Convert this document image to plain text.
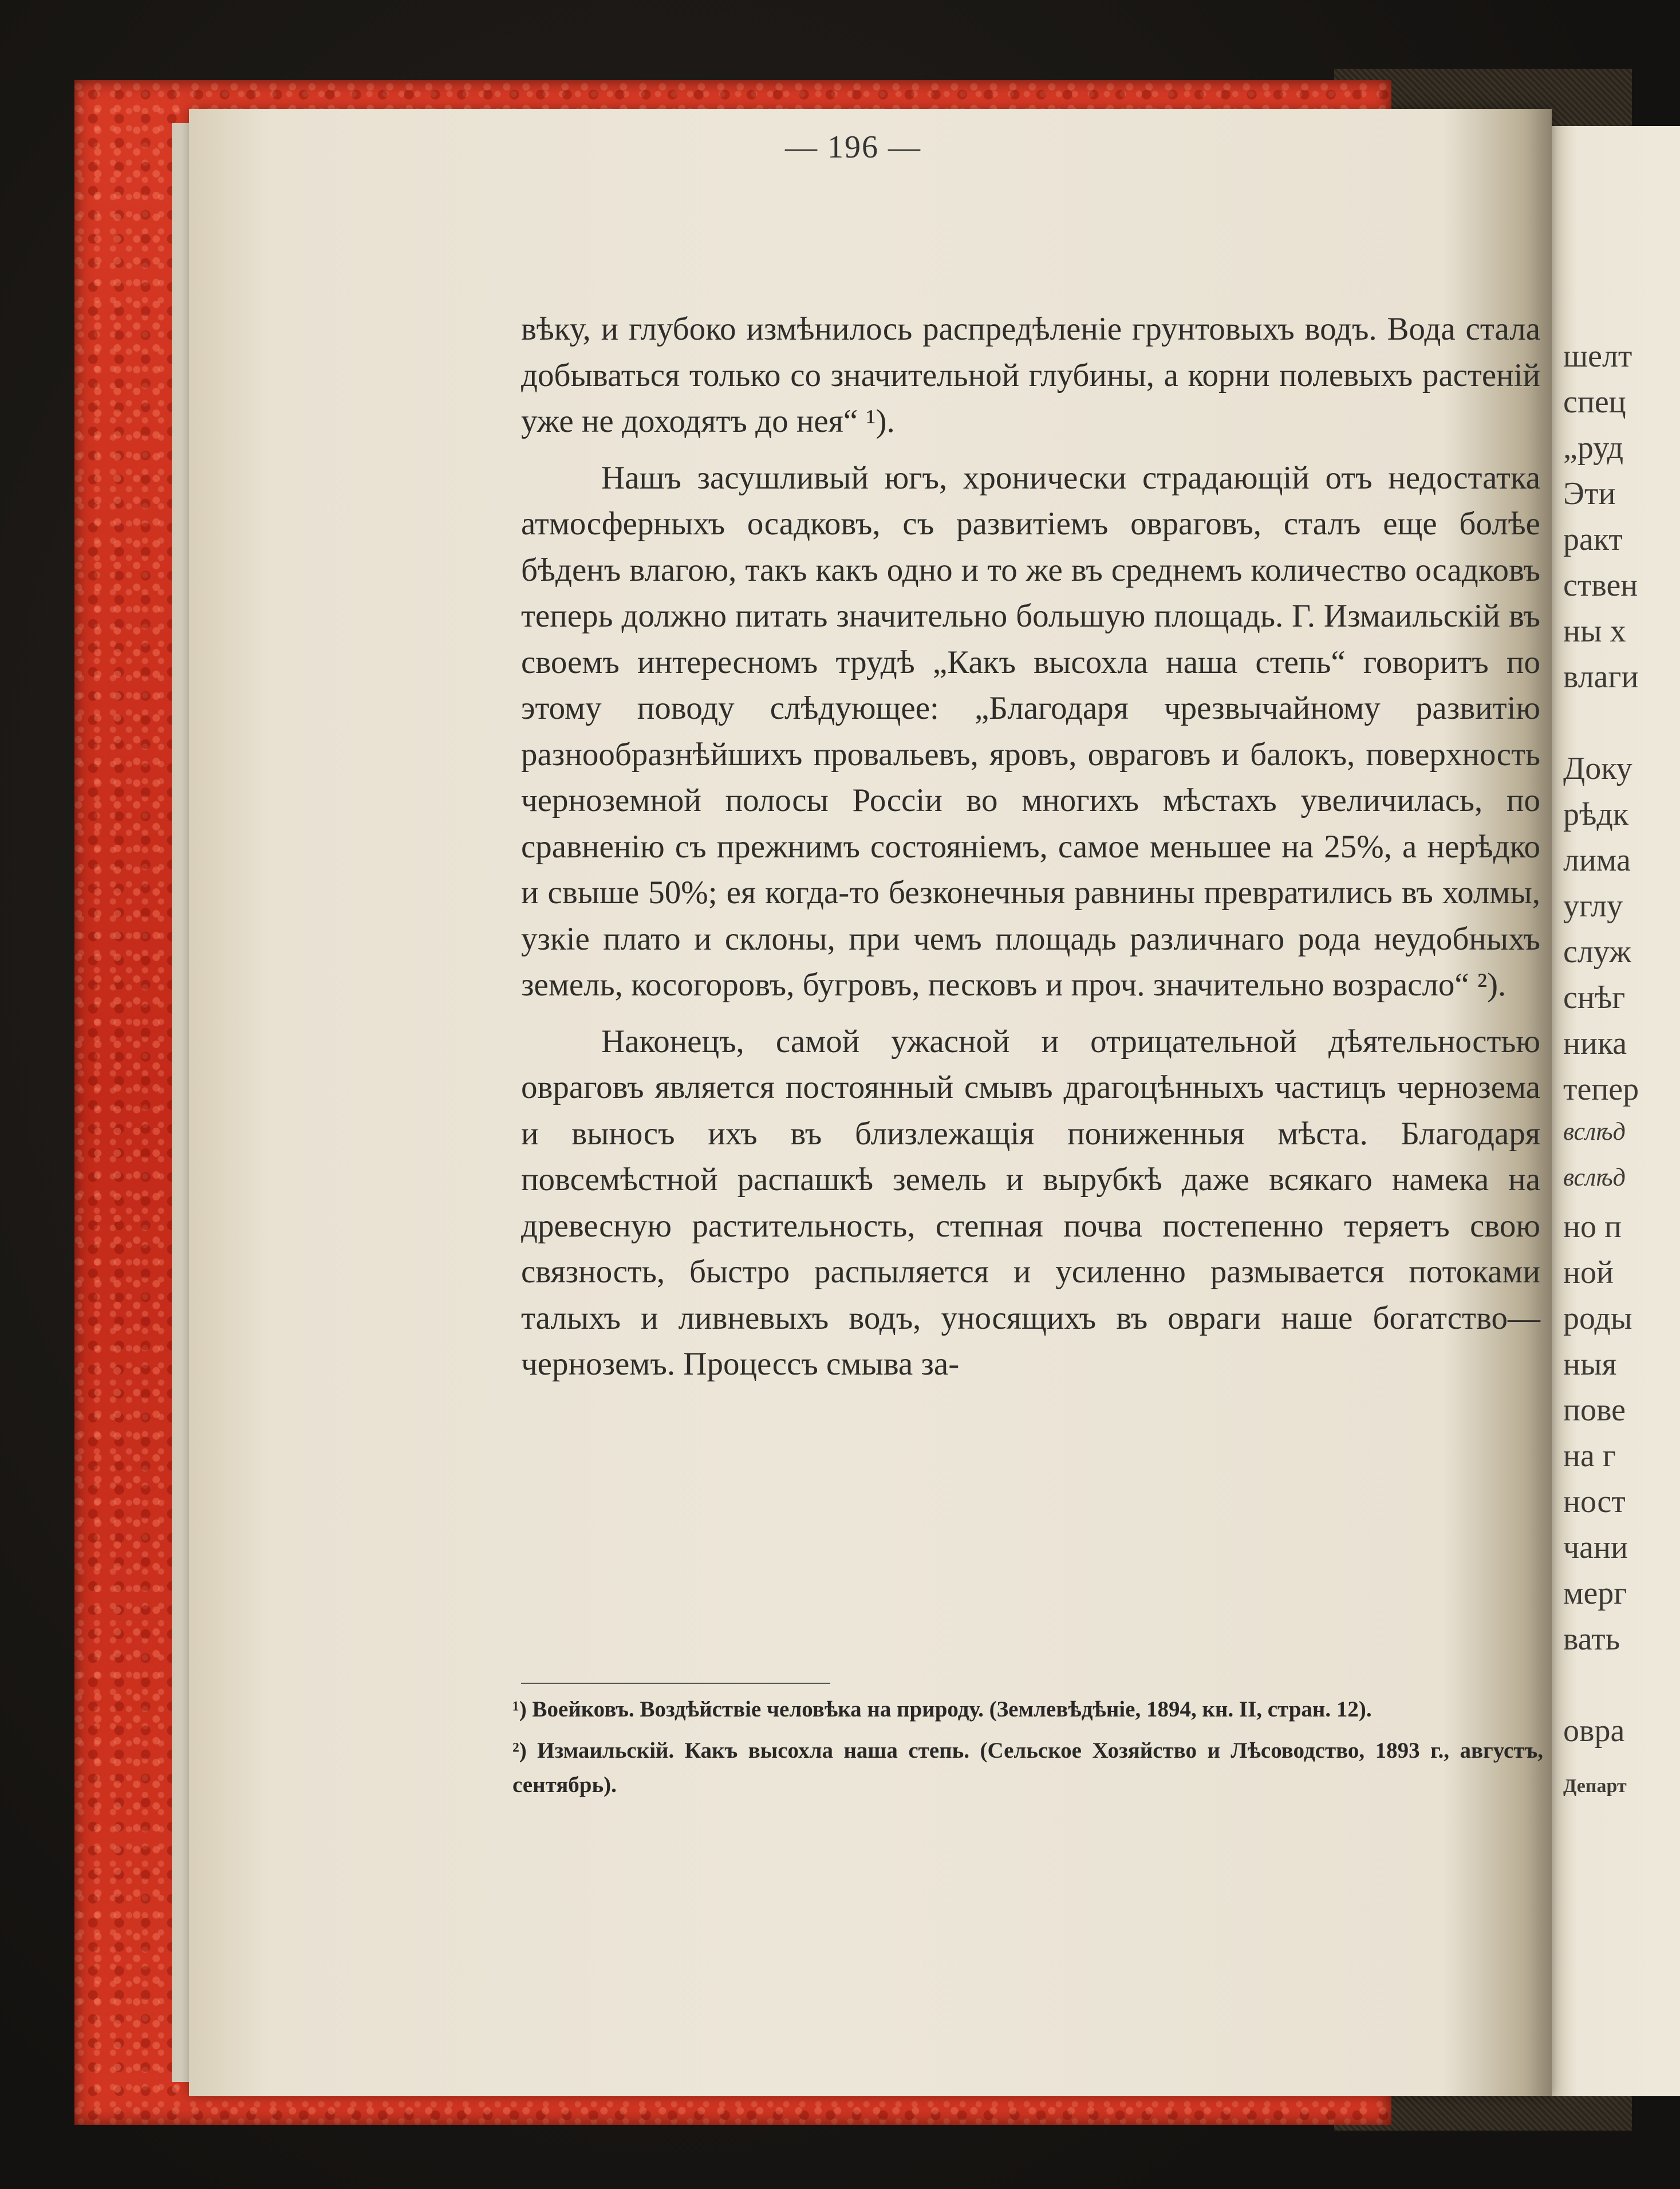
шелт
спец
„руд
Эти
ракт
ствен
ны х
влаги
Доку
рѣдк
лима
углу
служ
снѣг
ника
тепер
вслѣд
вслѣд
но п
ной
роды
ныя
пове
на г
ност
чани
мерг
вать
овра
Департ
— 196 —

вѣку, и глубоко измѣнилось распредѣленіе грунтовыхъ водъ. Вода стала добываться только со значительной глубины, а корни полевыхъ растеній уже не доходятъ до нея“ ¹).

Нашъ засушливый югъ, хронически страдающій отъ недостатка атмосферныхъ осадковъ, съ развитіемъ овраговъ, сталъ еще болѣе бѣденъ влагою, такъ какъ одно и то же въ среднемъ количество осадковъ теперь должно питать значительно большую площадь. Г. Измаильскій въ своемъ интересномъ трудѣ „Какъ высохла наша степь“ говоритъ по этому поводу слѣдующее: „Благодаря чрезвычайному развитію разнообразнѣйшихъ провальевъ, яровъ, овраговъ и балокъ, поверхность черноземной полосы Россіи во многихъ мѣстахъ увеличилась, по сравненію съ прежнимъ состояніемъ, самое меньшее на 25%, а нерѣдко и свыше 50%; ея когда-то безконечныя равнины превратились въ холмы, узкіе плато и склоны, при чемъ площадь различнаго рода неудобныхъ земель, косогоровъ, бугровъ, песковъ и проч. значительно возрасло“ ²).

Наконецъ, самой ужасной и отрицательной дѣятельностью овраговъ является постоянный смывъ драгоцѣнныхъ частицъ чернозема и выносъ ихъ въ близлежащія пониженныя мѣста. Благодаря повсемѣстной распашкѣ земель и вырубкѣ даже всякаго намека на древесную растительность, степная почва постепенно теряетъ свою связность, быстро распыляется и усиленно размывается потоками талыхъ и ливневыхъ водъ, уносящихъ въ овраги наше богатство—черноземъ. Процессъ смыва за-

¹) Воейковъ. Воздѣйствіе человѣка на природу. (Землевѣдѣніе, 1894, кн. II, стран. 12).
²) Измаильскій. Какъ высохла наша степь. (Сельское Хозяйство и Лѣсоводство, 1893 г., августъ, сентябрь).
